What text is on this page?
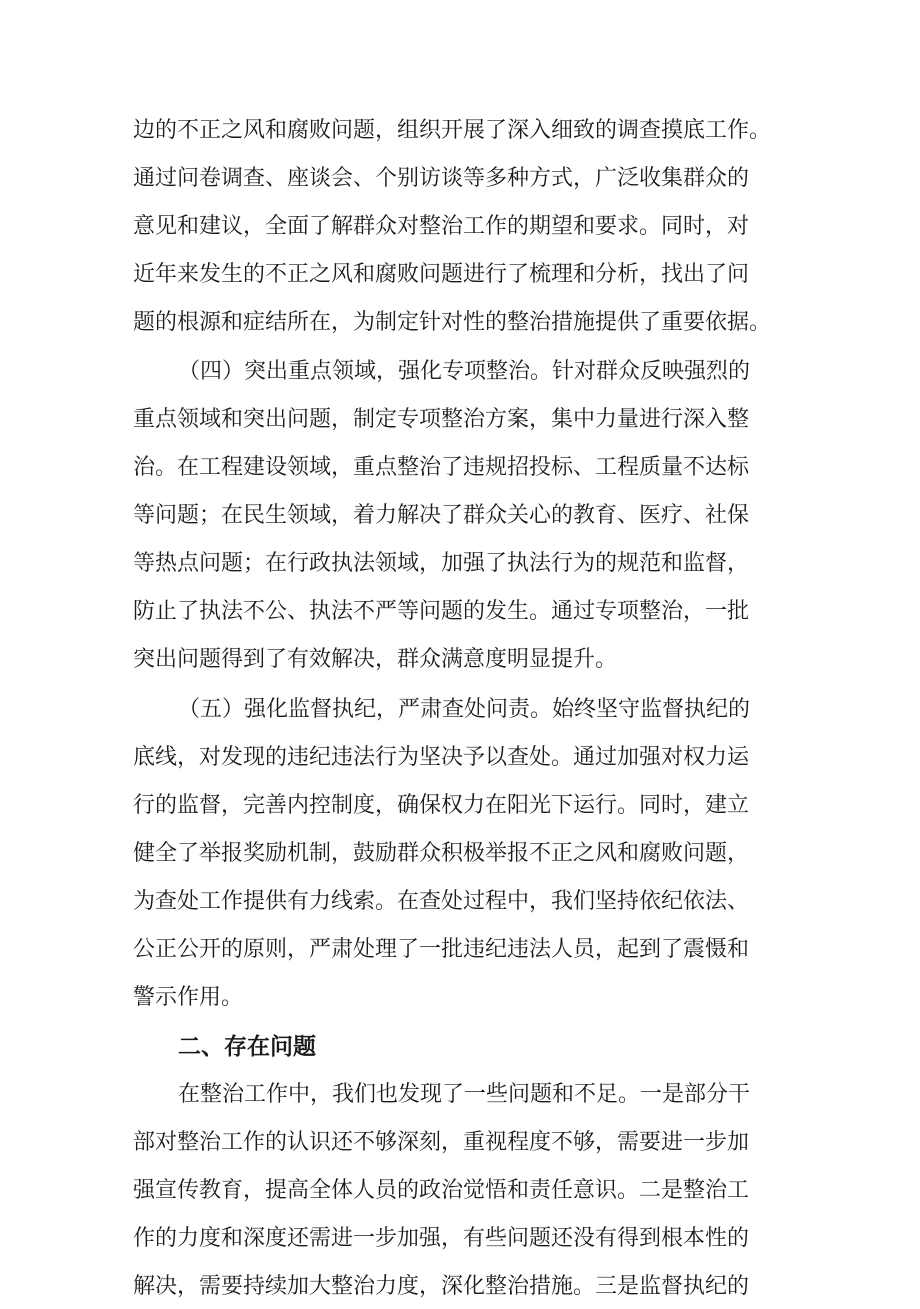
边的不正之风和腐败问题，组织开展了深入细致的调查摸底工作。
通过问卷调查、座谈会、个别访谈等多种方式，广泛收集群众的
意见和建议，全面了解群众对整治工作的期望和要求。同时，对
近年来发生的不正之风和腐败问题进行了梳理和分析，找出了问
题的根源和症结所在，为制定针对性的整治措施提供了重要依据。
（四）突出重点领域，强化专项整治。针对群众反映强烈的
重点领域和突出问题，制定专项整治方案，集中力量进行深入整
治。在工程建设领域，重点整治了违规招投标、工程质量不达标
等问题；在民生领域，着力解决了群众关心的教育、医疗、社保
等热点问题；在行政执法领域，加强了执法行为的规范和监督，
防止了执法不公、执法不严等问题的发生。通过专项整治，一批
突出问题得到了有效解决，群众满意度明显提升。
（五）强化监督执纪，严肃查处问责。始终坚守监督执纪的
底线，对发现的违纪违法行为坚决予以查处。通过加强对权力运
行的监督，完善内控制度，确保权力在阳光下运行。同时，建立
健全了举报奖励机制，鼓励群众积极举报不正之风和腐败问题，
为查处工作提供有力线索。在查处过程中，我们坚持依纪依法、
公正公开的原则，严肃处理了一批违纪违法人员，起到了震慑和
警示作用。
二、存在问题
在整治工作中，我们也发现了一些问题和不足。一是部分干
部对整治工作的认识还不够深刻，重视程度不够，需要进一步加
强宣传教育，提高全体人员的政治觉悟和责任意识。二是整治工
作的力度和深度还需进一步加强，有些问题还没有得到根本性的
解决，需要持续加大整治力度，深化整治措施。三是监督执纪的
